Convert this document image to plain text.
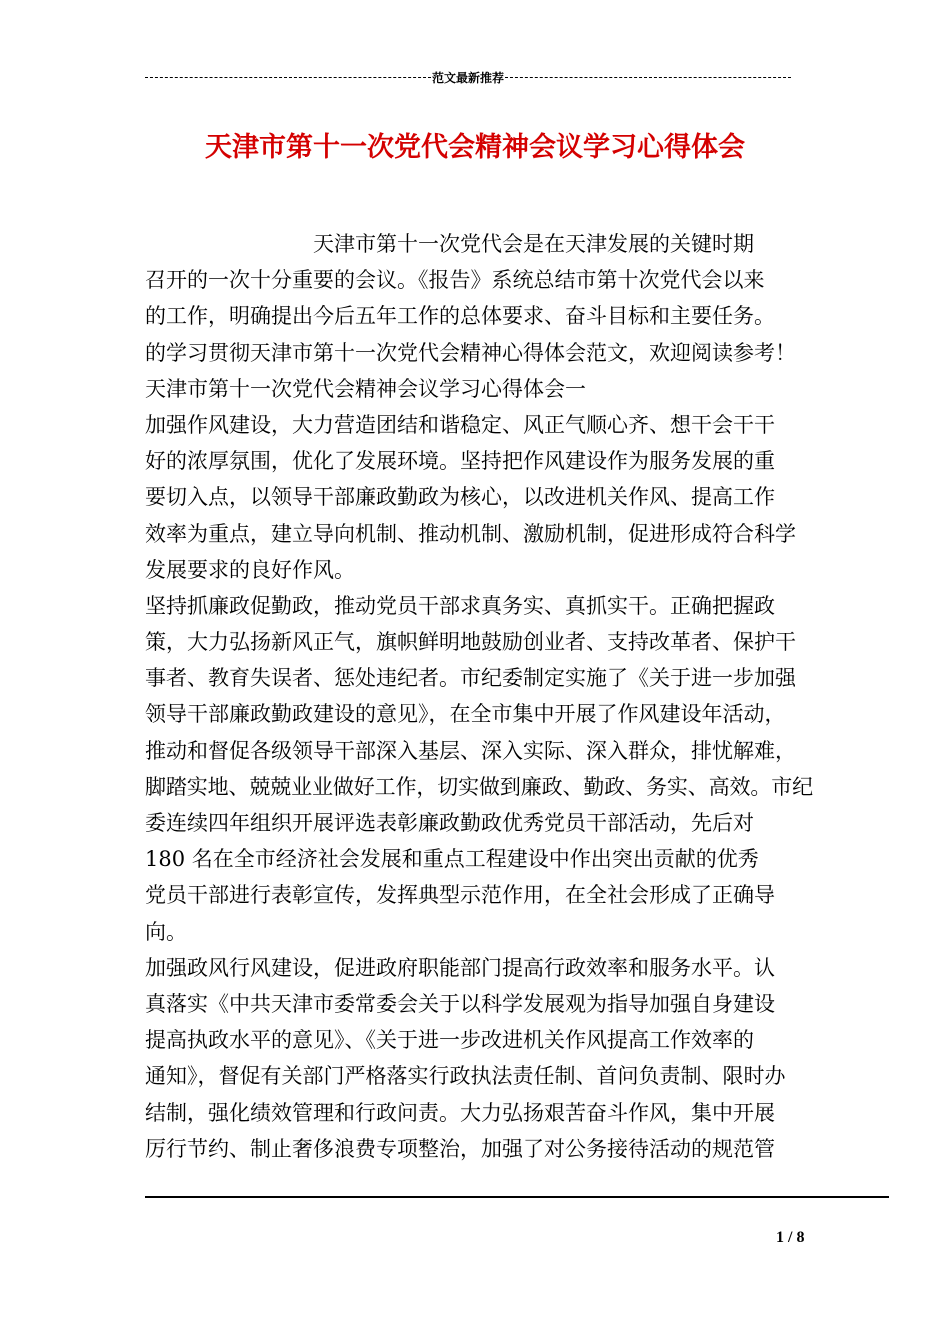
范文最新推荐
天津市第十一次党代会精神会议学习心得体会
　　　　　　　　天津市第十一次党代会是在天津发展的关键时期
召开的一次十分重要的会议。《报告》系统总结市第十次党代会以来
的工作，明确提出今后五年工作的总体要求、奋斗目标和主要任务。
的学习贯彻天津市第十一次党代会精神心得体会范文，欢迎阅读参考！
天津市第十一次党代会精神会议学习心得体会一
加强作风建设，大力营造团结和谐稳定、风正气顺心齐、想干会干干
好的浓厚氛围，优化了发展环境。坚持把作风建设作为服务发展的重
要切入点，以领导干部廉政勤政为核心，以改进机关作风、提高工作
效率为重点，建立导向机制、推动机制、激励机制，促进形成符合科学
发展要求的良好作风。
坚持抓廉政促勤政，推动党员干部求真务实、真抓实干。正确把握政
策，大力弘扬新风正气，旗帜鲜明地鼓励创业者、支持改革者、保护干
事者、教育失误者、惩处违纪者。市纪委制定实施了《关于进一步加强
领导干部廉政勤政建设的意见》，在全市集中开展了作风建设年活动，
推动和督促各级领导干部深入基层、深入实际、深入群众，排忧解难，
脚踏实地、兢兢业业做好工作，切实做到廉政、勤政、务实、高效。市纪
委连续四年组织开展评选表彰廉政勤政优秀党员干部活动，先后对
180 名在全市经济社会发展和重点工程建设中作出突出贡献的优秀
党员干部进行表彰宣传，发挥典型示范作用，在全社会形成了正确导
向。
加强政风行风建设，促进政府职能部门提高行政效率和服务水平。认
真落实《中共天津市委常委会关于以科学发展观为指导加强自身建设
提高执政水平的意见》、《关于进一步改进机关作风提高工作效率的
通知》，督促有关部门严格落实行政执法责任制、首问负责制、限时办
结制，强化绩效管理和行政问责。大力弘扬艰苦奋斗作风，集中开展
厉行节约、制止奢侈浪费专项整治，加强了对公务接待活动的规范管
1 / 8
